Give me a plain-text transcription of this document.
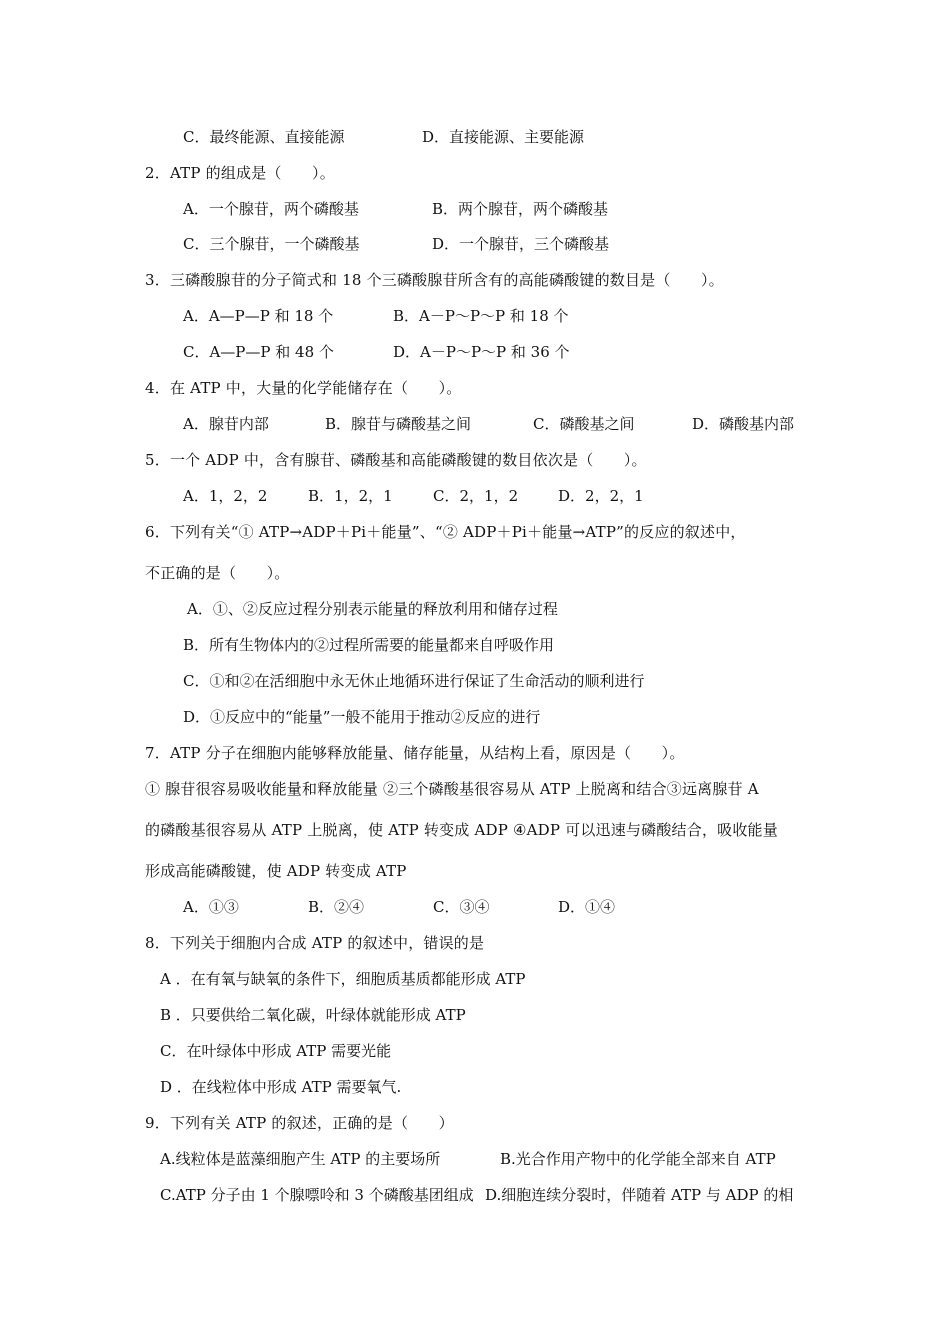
C．最终能源、直接能源	D．直接能源、主要能源
2．ATP 的组成是（　　）。
A．一个腺苷，两个磷酸基	B．两个腺苷，两个磷酸基
C．三个腺苷，一个磷酸基	D．一个腺苷，三个磷酸基
3．三磷酸腺苷的分子简式和 18 个三磷酸腺苷所含有的高能磷酸键的数目是（　　）。
A．A—P—P 和 18 个	B．A－P～P～P 和 18 个
C．A—P—P 和 48 个	D．A－P～P～P 和 36 个
4．在 ATP 中，大量的化学能储存在（　　）。
A．腺苷内部	B．腺苷与磷酸基之间	C．磷酸基之间	D．磷酸基内部
5．一个 ADP 中，含有腺苷、磷酸基和高能磷酸键的数目依次是（　　）。
A．1，2，2	B．1，2，1	C．2，1，2	D．2，2，1
6．下列有关“① ATP→ADP＋Pi＋能量”、“② ADP＋Pi＋能量→ATP”的反应的叙述中，
不正确的是（　　）。
A．①、②反应过程分别表示能量的释放利用和储存过程
B．所有生物体内的②过程所需要的能量都来自呼吸作用
C．①和②在活细胞中永无休止地循环进行保证了生命活动的顺利进行
D．①反应中的“能量”一般不能用于推动②反应的进行
7．ATP 分子在细胞内能够释放能量、储存能量，从结构上看，原因是（　　）。
① 腺苷很容易吸收能量和释放能量 ②三个磷酸基很容易从 ATP 上脱离和结合③远离腺苷 A
的磷酸基很容易从 ATP 上脱离，使 ATP 转变成 ADP ④ADP 可以迅速与磷酸结合，吸收能量
形成高能磷酸键，使 ADP 转变成 ATP
A．①③	B．②④	C．③④	D．①④
8．下列关于细胞内合成 ATP 的叙述中，错误的是
A ．在有氧与缺氧的条件下，细胞质基质都能形成 ATP
B ．只要供给二氧化碳，叶绿体就能形成 ATP
C．在叶绿体中形成 ATP 需要光能
D ．在线粒体中形成 ATP 需要氧气.
9．下列有关 ATP 的叙述，正确的是（　　）
A.线粒体是蓝藻细胞产生 ATP 的主要场所	B.光合作用产物中的化学能全部来自 ATP
C.ATP 分子由 1 个腺嘌呤和 3 个磷酸基团组成 D.细胞连续分裂时，伴随着 ATP 与 ADP 的相
